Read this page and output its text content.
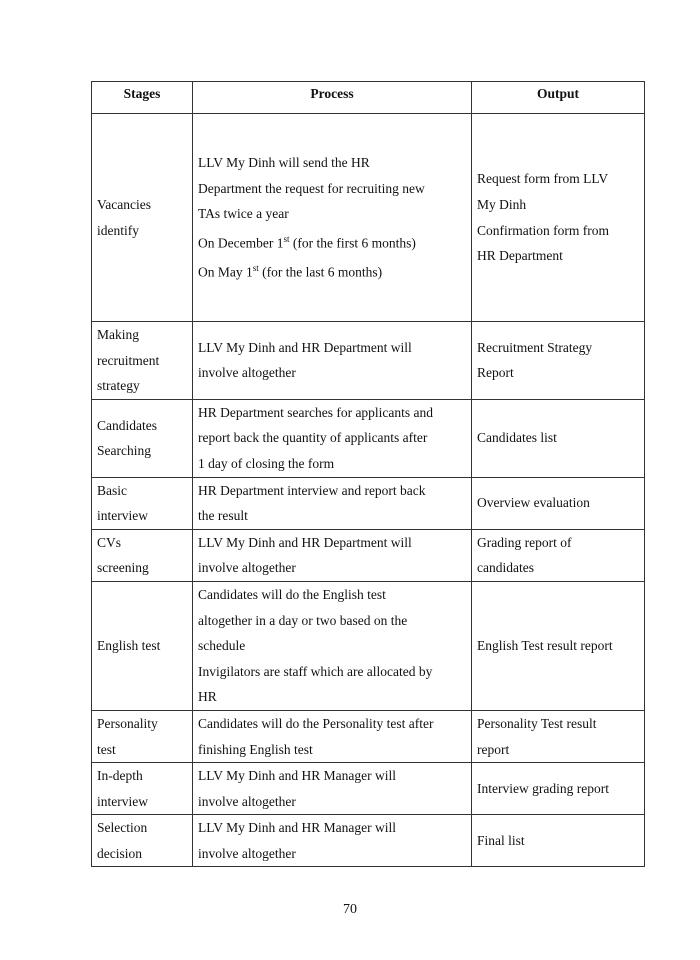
Stages	Process	Output

Vacancies
identify	LLV My Dinh will send the HR
Department the request for recruiting new
TAs twice a year
On December 1st (for the first 6 months)
On May 1st (for the last 6 months)	Request form from LLV
My Dinh
Confirmation form from
HR Department

Making
recruitment
strategy	LLV My Dinh and HR Department will
involve altogether	Recruitment Strategy
Report

Candidates
Searching	HR Department searches for applicants and
report back the quantity of applicants after
1 day of closing the form	Candidates list

Basic
interview	HR Department interview and report back
the result	Overview evaluation

CVs
screening	LLV My Dinh and HR Department will
involve altogether	Grading report of
candidates

English test	Candidates will do the English test
altogether in a day or two based on the
schedule
Invigilators are staff which are allocated by
HR	English Test result report

Personality
test	Candidates will do the Personality test after
finishing English test	Personality Test result
report

In-depth
interview	LLV My Dinh and HR Manager will
involve altogether	Interview grading report

Selection
decision	LLV My Dinh and HR Manager will
involve altogether	Final list
70
